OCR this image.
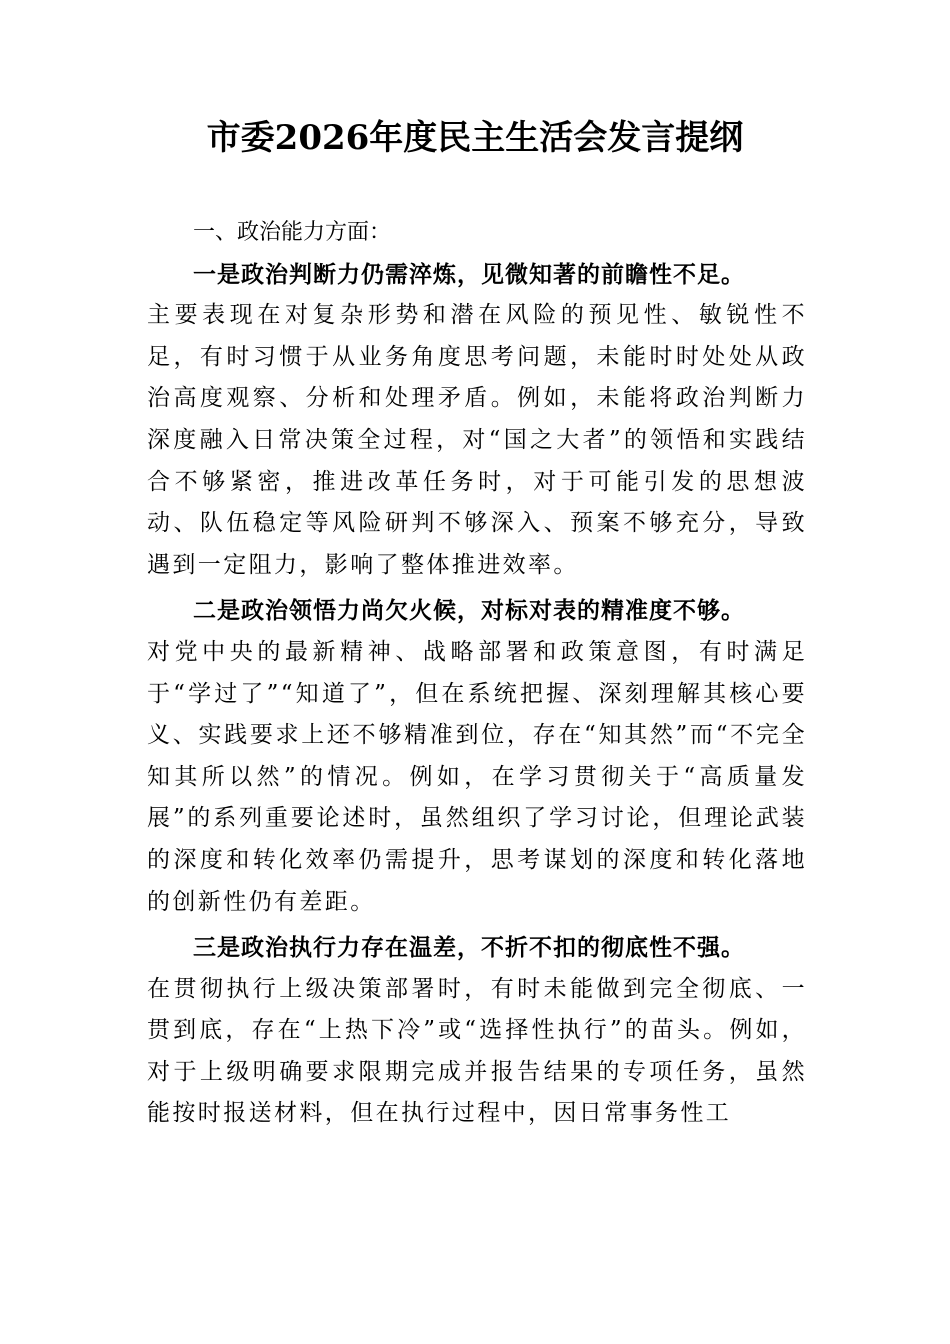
市委2026年度民主生活会发言提纲

一、政治能力方面：

一是政治判断力仍需淬炼，见微知著的前瞻性不足。
主要表现在对复杂形势和潜在风险的预见性、敏锐性不足，有时习惯于从业务角度思考问题，未能时时处处从政治高度观察、分析和处理矛盾。例如，未能将政治判断力深度融入日常决策全过程，对“国之大者”的领悟和实践结合不够紧密，推进改革任务时，对于可能引发的思想波动、队伍稳定等风险研判不够深入、预案不够充分，导致遇到一定阻力，影响了整体推进效率。

二是政治领悟力尚欠火候，对标对表的精准度不够。
对党中央的最新精神、战略部署和政策意图，有时满足于“学过了”“知道了”，但在系统把握、深刻理解其核心要义、实践要求上还不够精准到位，存在“知其然”而“不完全知其所以然”的情况。例如，在学习贯彻关于“高质量发展”的系列重要论述时，虽然组织了学习讨论，但理论武装的深度和转化效率仍需提升，思考谋划的深度和转化落地的创新性仍有差距。

三是政治执行力存在温差，不折不扣的彻底性不强。
在贯彻执行上级决策部署时，有时未能做到完全彻底、一贯到底，存在“上热下冷”或“选择性执行”的苗头。例如，对于上级明确要求限期完成并报告结果的专项任务，虽然能按时报送材料，但在执行过程中，因日常事务性工
